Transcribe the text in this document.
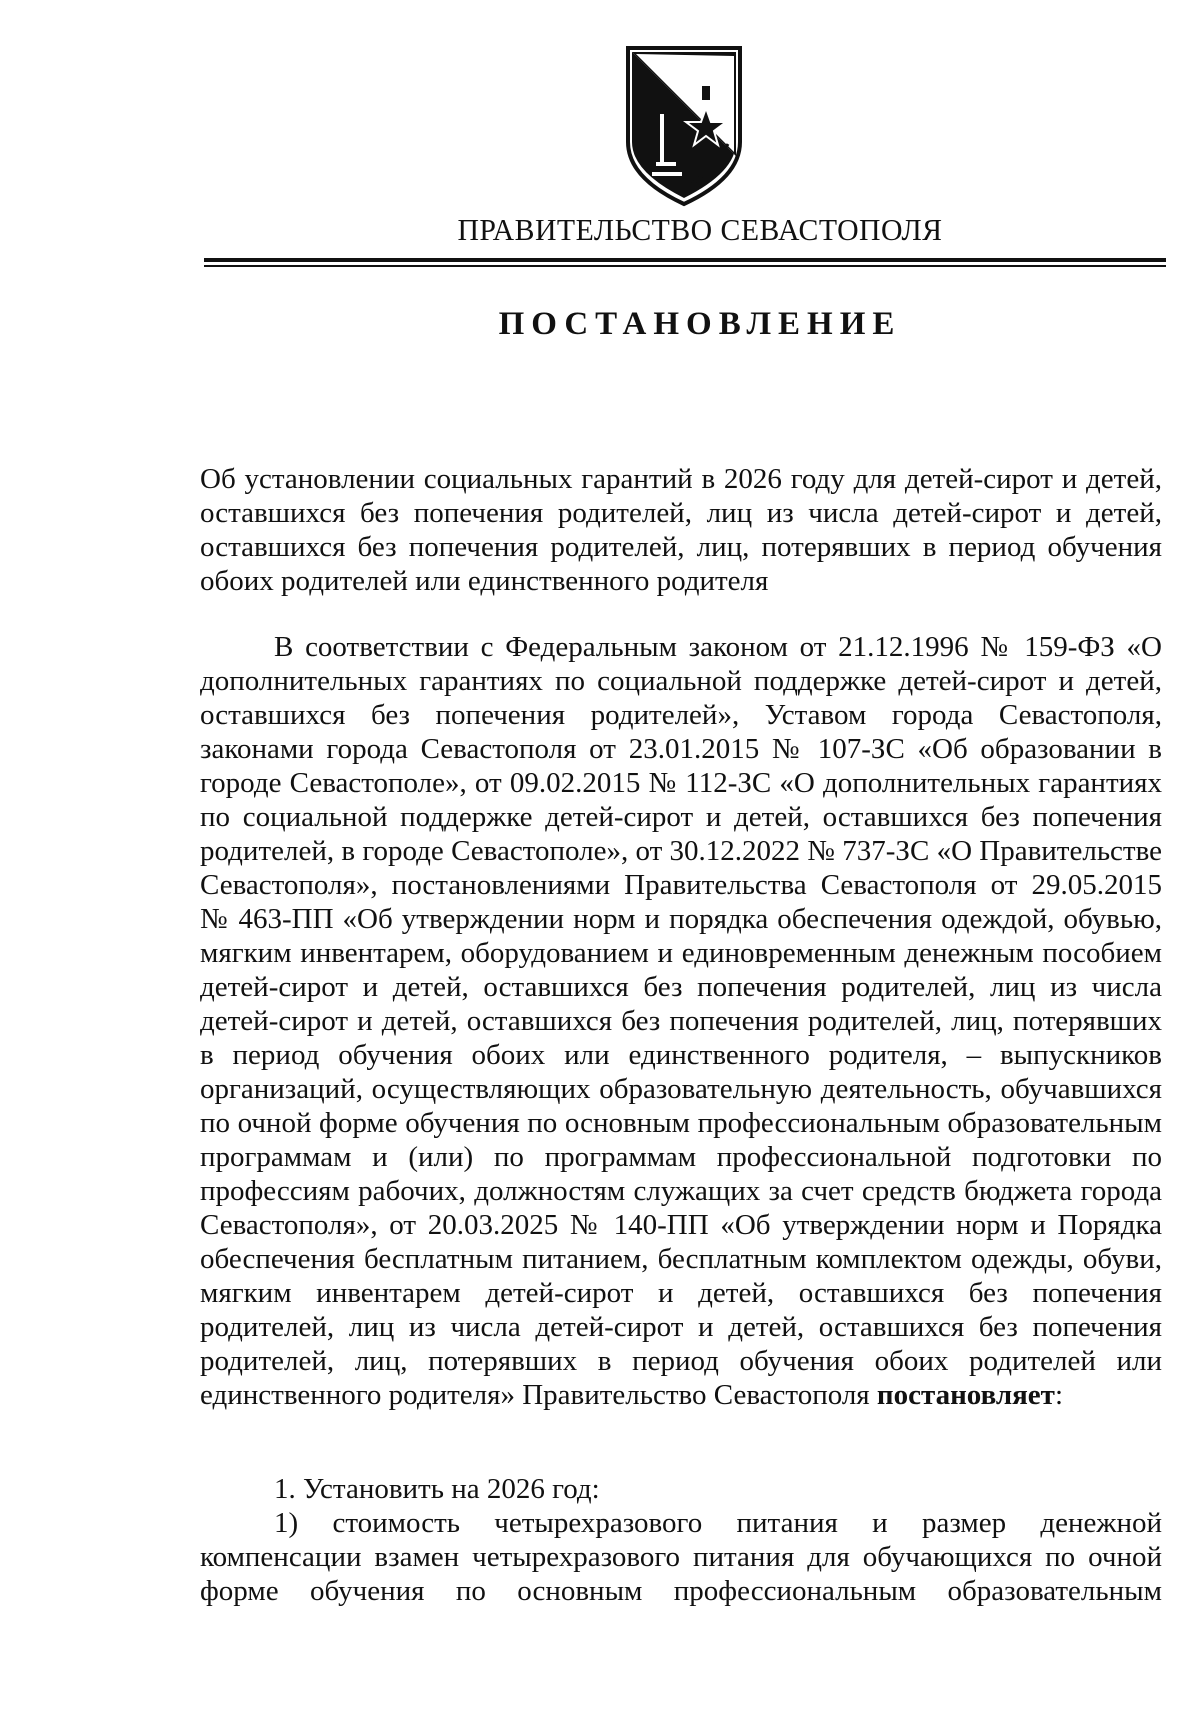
ПРАВИТЕЛЬСТВО СЕВАСТОПОЛЯ
ПОСТАНОВЛЕНИЕ
Об установлении социальных гарантий в 2026 году для детей-сирот и детей, оставшихся без попечения родителей, лиц из числа детей-сирот и детей, оставшихся без попечения родителей, лиц, потерявших в период обучения обоих родителей или единственного родителя
В соответствии с Федеральным законом от 21.12.1996 № 159-ФЗ «О дополнительных гарантиях по социальной поддержке детей-сирот и детей, оставшихся без попечения родителей», Уставом города Севастополя, законами города Севастополя от 23.01.2015 № 107-ЗС «Об образовании в городе Севастополе», от 09.02.2015 № 112-ЗС «О дополнительных гарантиях по социальной поддержке детей-сирот и детей, оставшихся без попечения родителей, в городе Севастополе», от 30.12.2022 № 737-ЗС «О Правительстве Севастополя», постановлениями Правительства Севастополя от 29.05.2015 № 463-ПП «Об утверждении норм и порядка обеспечения одеждой, обувью, мягким инвентарем, оборудованием и единовременным денежным пособием детей-сирот и детей, оставшихся без попечения родителей, лиц из числа детей-сирот и детей, оставшихся без попечения родителей, лиц, потерявших в период обучения обоих или единственного родителя, – выпускников организаций, осуществляющих образовательную деятельность, обучавшихся по очной форме обучения по основным профессиональным образовательным программам и (или) по программам профессиональной подготовки по профессиям рабочих, должностям служащих за счет средств бюджета города Севастополя», от 20.03.2025 № 140-ПП «Об утверждении норм и Порядка обеспечения бесплатным питанием, бесплатным комплектом одежды, обуви, мягким инвентарем детей-сирот и детей, оставшихся без попечения родителей, лиц из числа детей-сирот и детей, оставшихся без попечения родителей, лиц, потерявших в период обучения обоих родителей или единственного родителя» Правительство Севастополя постановляет:
1. Установить на 2026 год:
1) стоимость четырехразового питания и размер денежной компенсации взамен четырехразового питания для обучающихся по очной форме обучения по основным профессиональным образовательным
